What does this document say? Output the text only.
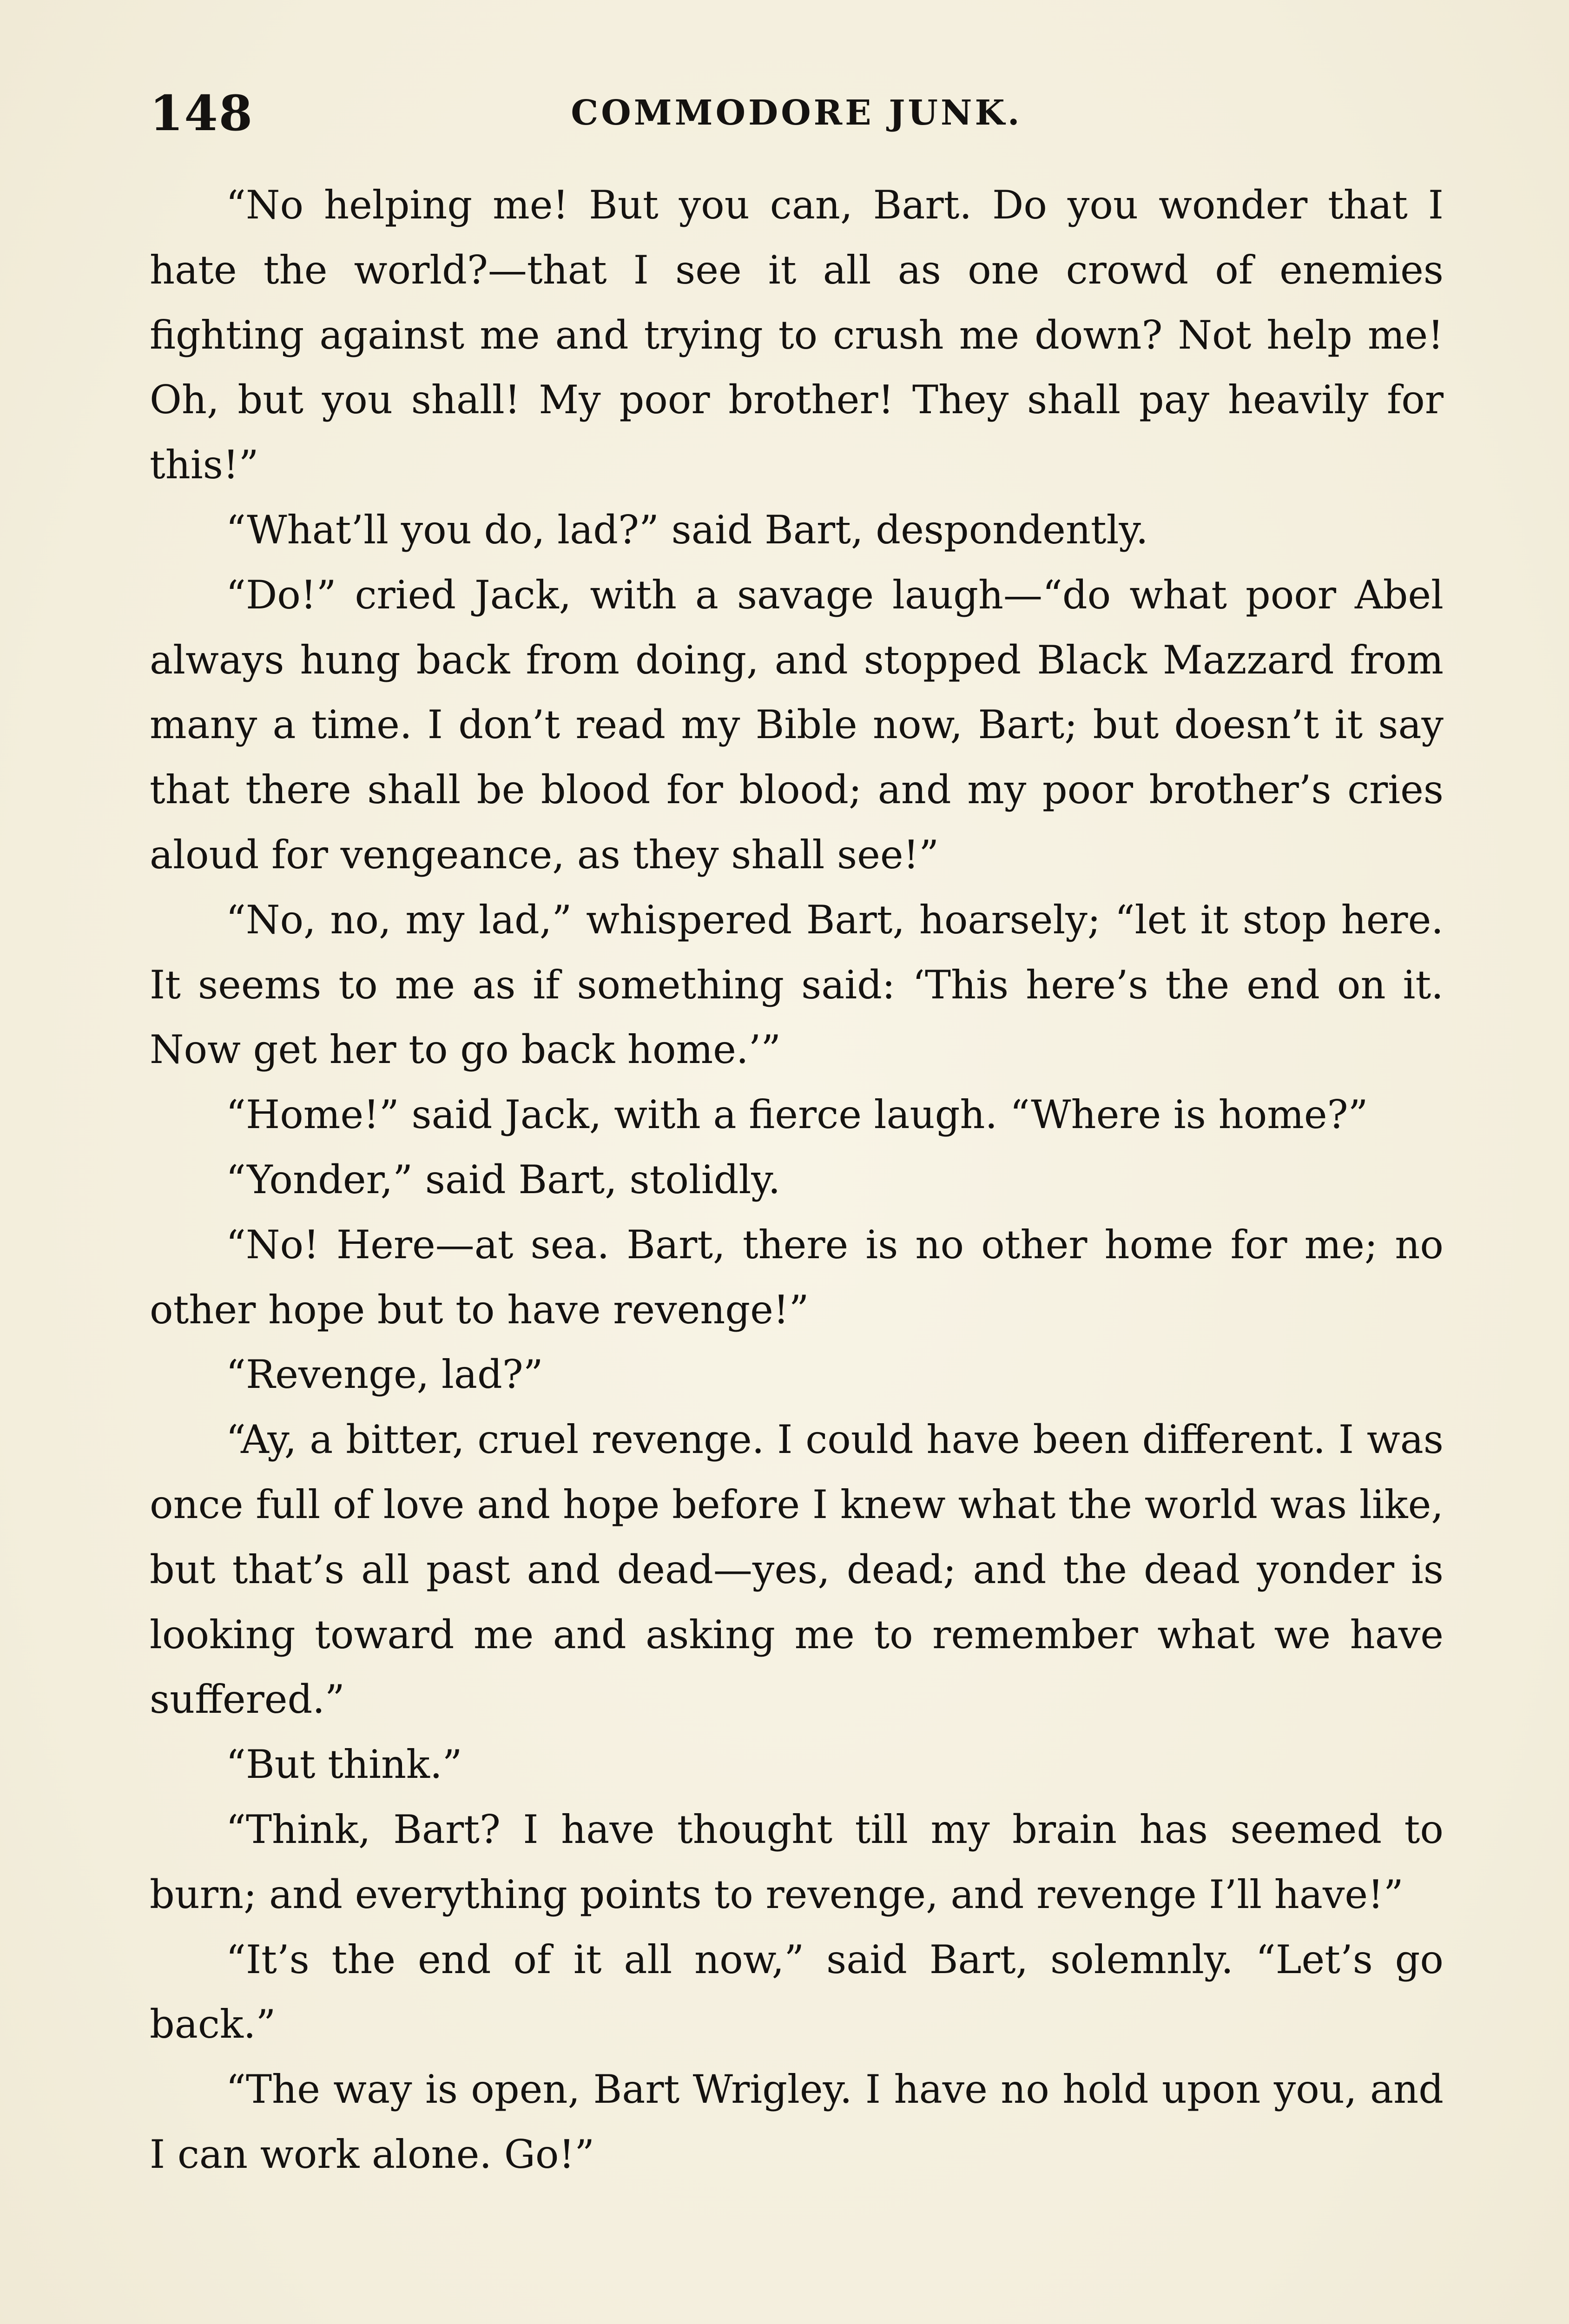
148	COMMODORE JUNK.

“No helping me! But you can, Bart. Do you wonder that I hate the world?—that I see it all as one crowd of enemies fighting against me and trying to crush me down? Not help me! Oh, but you shall! My poor brother! They shall pay heavily for this!”

“What’ll you do, lad?” said Bart, despondently.

“Do!” cried Jack, with a savage laugh—“do what poor Abel always hung back from doing, and stopped Black Mazzard from many a time. I don’t read my Bible now, Bart; but doesn’t it say that there shall be blood for blood; and my poor brother’s cries aloud for vengeance, as they shall see!”

“No, no, my lad,” whispered Bart, hoarsely; “let it stop here. It seems to me as if something said: ‘This here’s the end on it. Now get her to go back home.’”

“Home!” said Jack, with a fierce laugh. “Where is home?”

“Yonder,” said Bart, stolidly.

“No! Here—at sea. Bart, there is no other home for me; no other hope but to have revenge!”

“Revenge, lad?”

“Ay, a bitter, cruel revenge. I could have been different. I was once full of love and hope before I knew what the world was like, but that’s all past and dead—yes, dead; and the dead yonder is looking toward me and asking me to remember what we have suffered.”

“But think.”

“Think, Bart? I have thought till my brain has seemed to burn; and everything points to revenge, and revenge I’ll have!”

“It’s the end of it all now,” said Bart, solemnly. “Let’s go back.”

“The way is open, Bart Wrigley. I have no hold upon you, and I can work alone. Go!”
